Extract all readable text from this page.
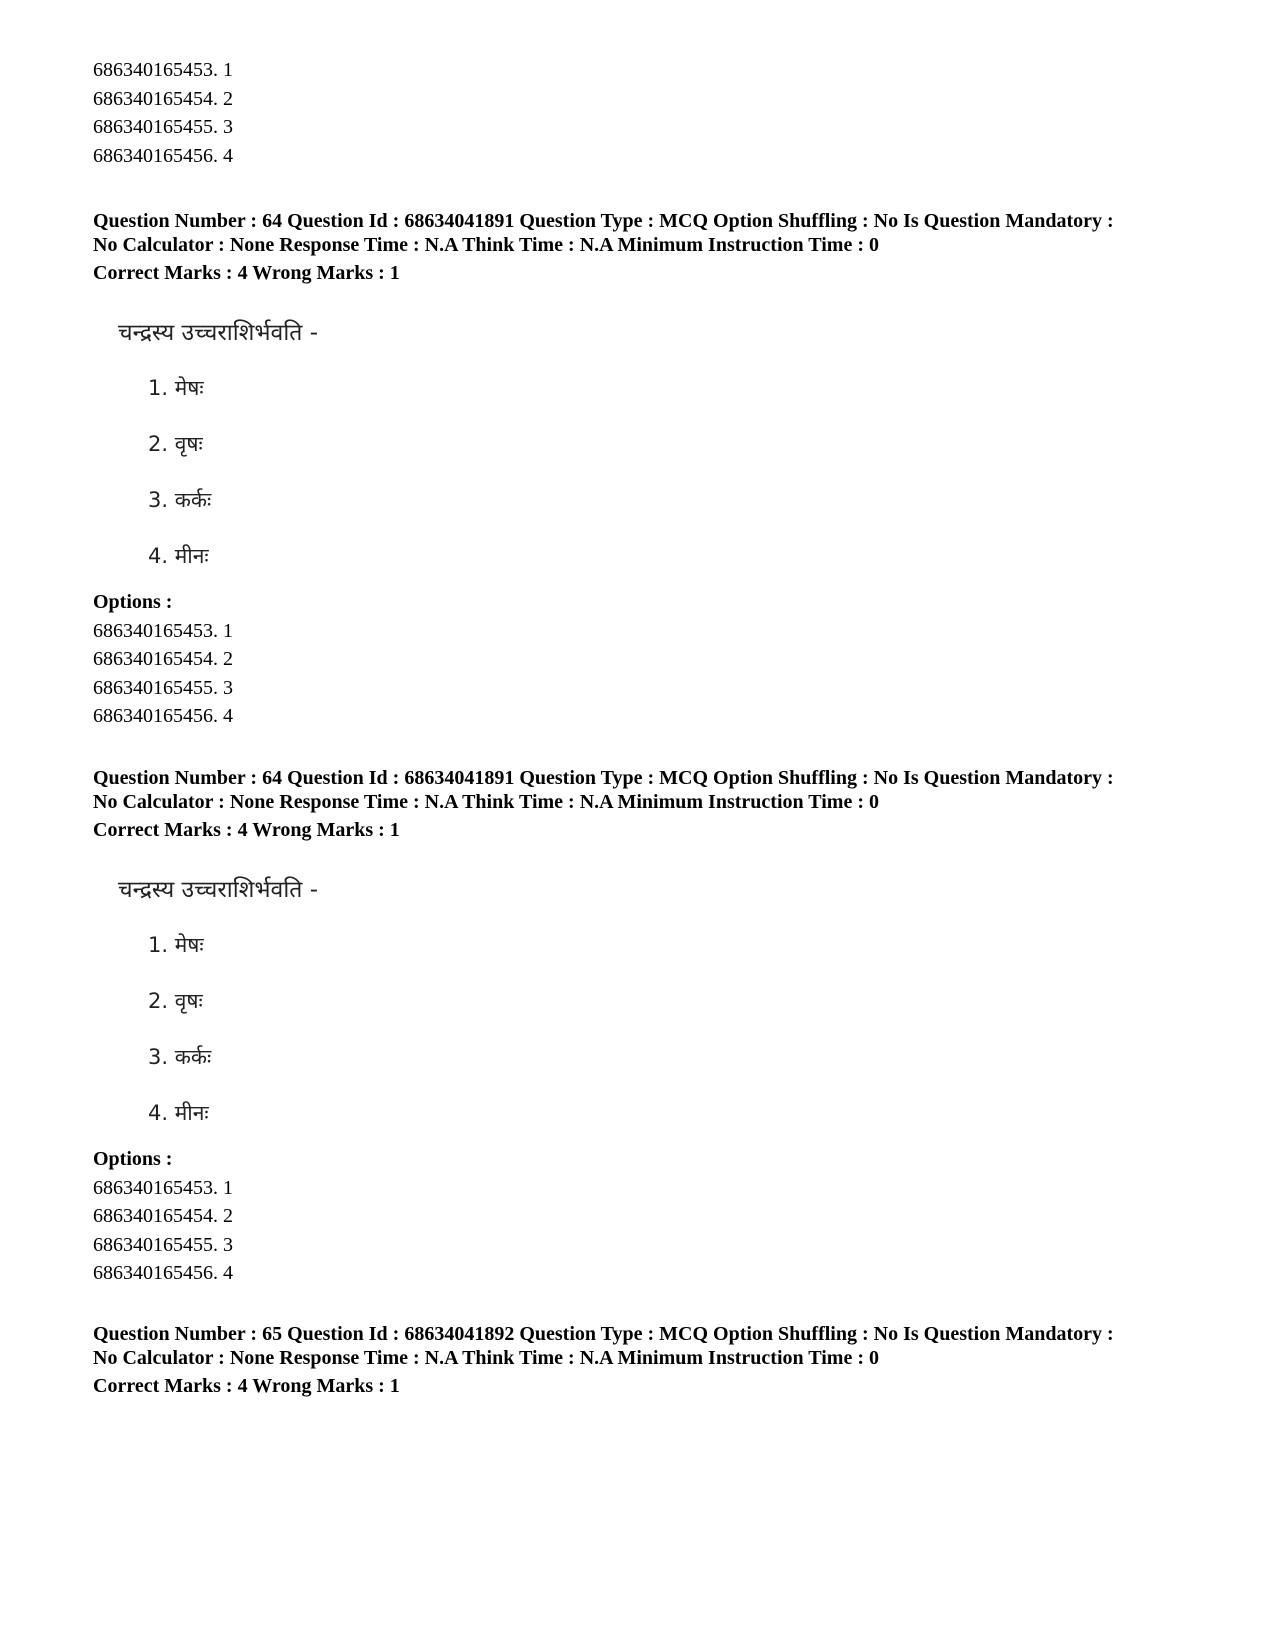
686340165453. 1
686340165454. 2
686340165455. 3
686340165456. 4
Question Number : 64 Question Id : 68634041891 Question Type : MCQ Option Shuffling : No Is Question Mandatory :
No Calculator : None Response Time : N.A Think Time : N.A Minimum Instruction Time : 0
Correct Marks : 4 Wrong Marks : 1
चन्द्रस्य उच्चराशिर्भवति -
1. मेषः
2. वृषः
3. कर्कः
4. मीनः
Options :
686340165453. 1
686340165454. 2
686340165455. 3
686340165456. 4
Question Number : 64 Question Id : 68634041891 Question Type : MCQ Option Shuffling : No Is Question Mandatory :
No Calculator : None Response Time : N.A Think Time : N.A Minimum Instruction Time : 0
Correct Marks : 4 Wrong Marks : 1
चन्द्रस्य उच्चराशिर्भवति -
1. मेषः
2. वृषः
3. कर्कः
4. मीनः
Options :
686340165453. 1
686340165454. 2
686340165455. 3
686340165456. 4
Question Number : 65 Question Id : 68634041892 Question Type : MCQ Option Shuffling : No Is Question Mandatory :
No Calculator : None Response Time : N.A Think Time : N.A Minimum Instruction Time : 0
Correct Marks : 4 Wrong Marks : 1
